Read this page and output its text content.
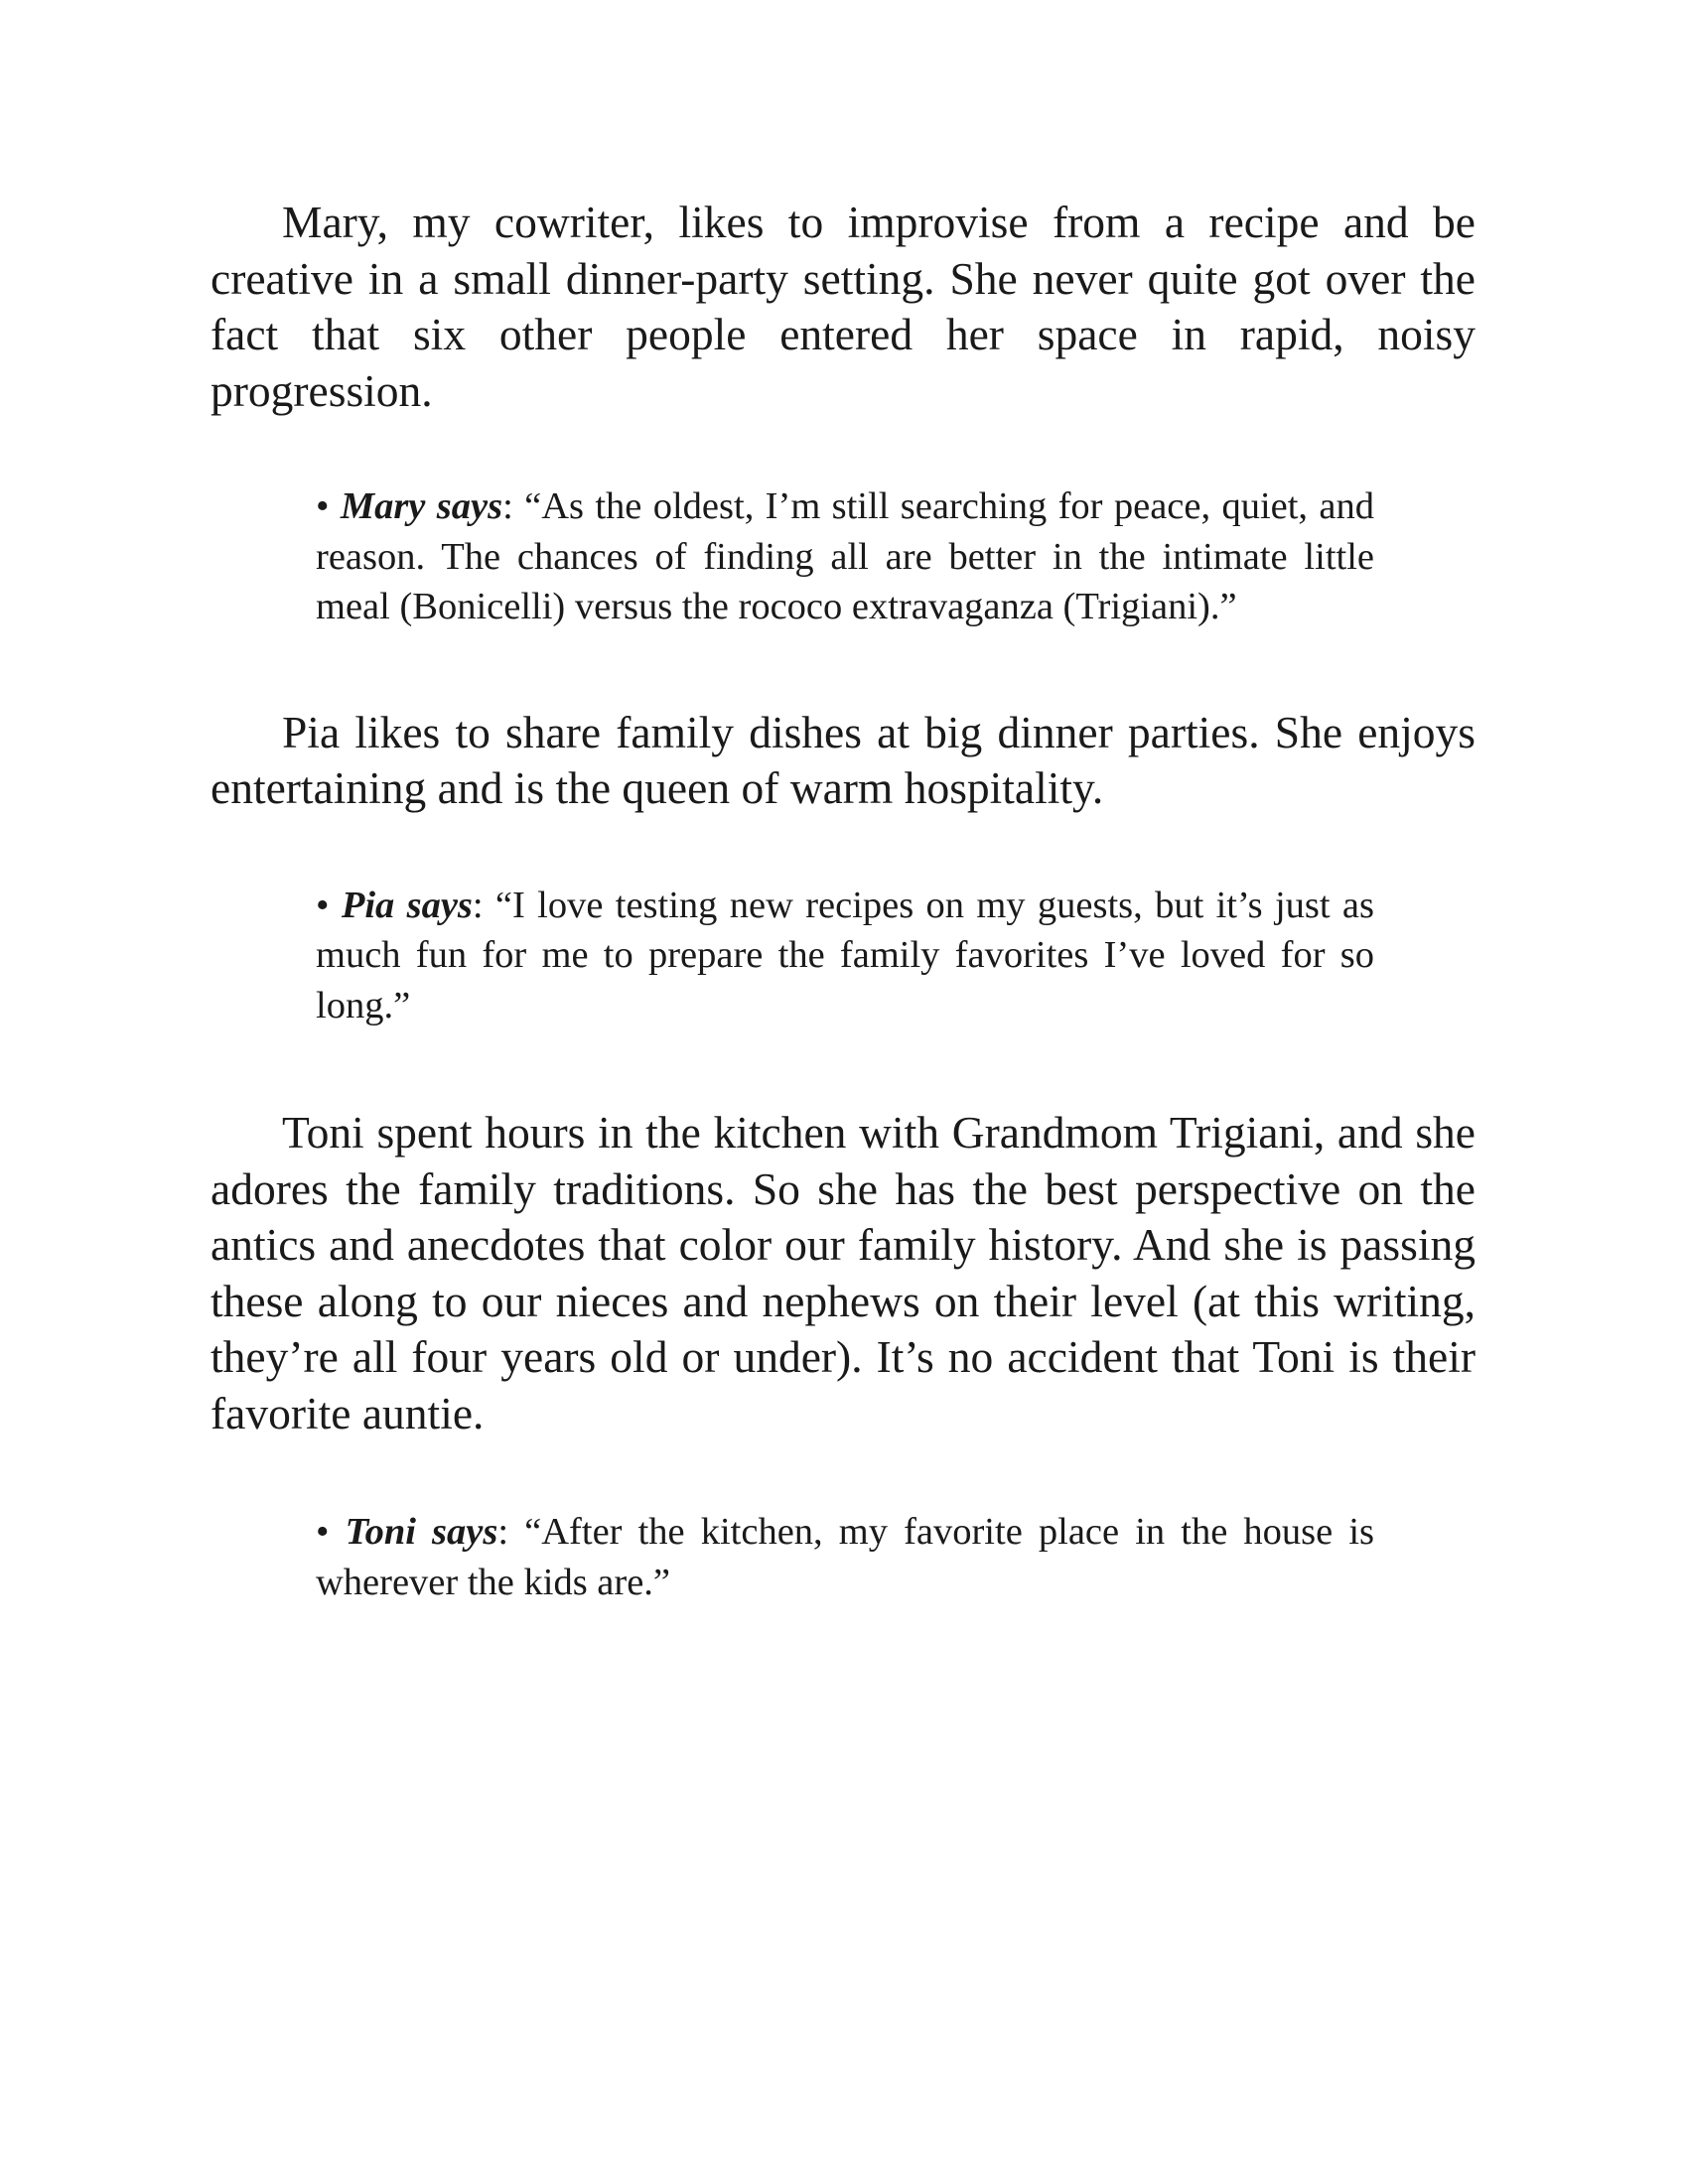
Mary, my cowriter, likes to improvise from a recipe and be creative in a small dinner-party setting. She never quite got over the fact that six other people entered her space in rapid, noisy progression.

• Mary says: “As the oldest, I’m still searching for peace, quiet, and reason. The chances of finding all are better in the intimate little meal (Bonicelli) versus the rococo extravaganza (Trigiani).”

Pia likes to share family dishes at big dinner parties. She enjoys entertaining and is the queen of warm hospitality.

• Pia says: “I love testing new recipes on my guests, but it’s just as much fun for me to prepare the family favorites I’ve loved for so long.”

Toni spent hours in the kitchen with Grandmom Trigiani, and she adores the family traditions. So she has the best perspective on the antics and anecdotes that color our family history. And she is passing these along to our nieces and nephews on their level (at this writing, they’re all four years old or under). It’s no accident that Toni is their favorite auntie.

• Toni says: “After the kitchen, my favorite place in the house is wherever the kids are.”
